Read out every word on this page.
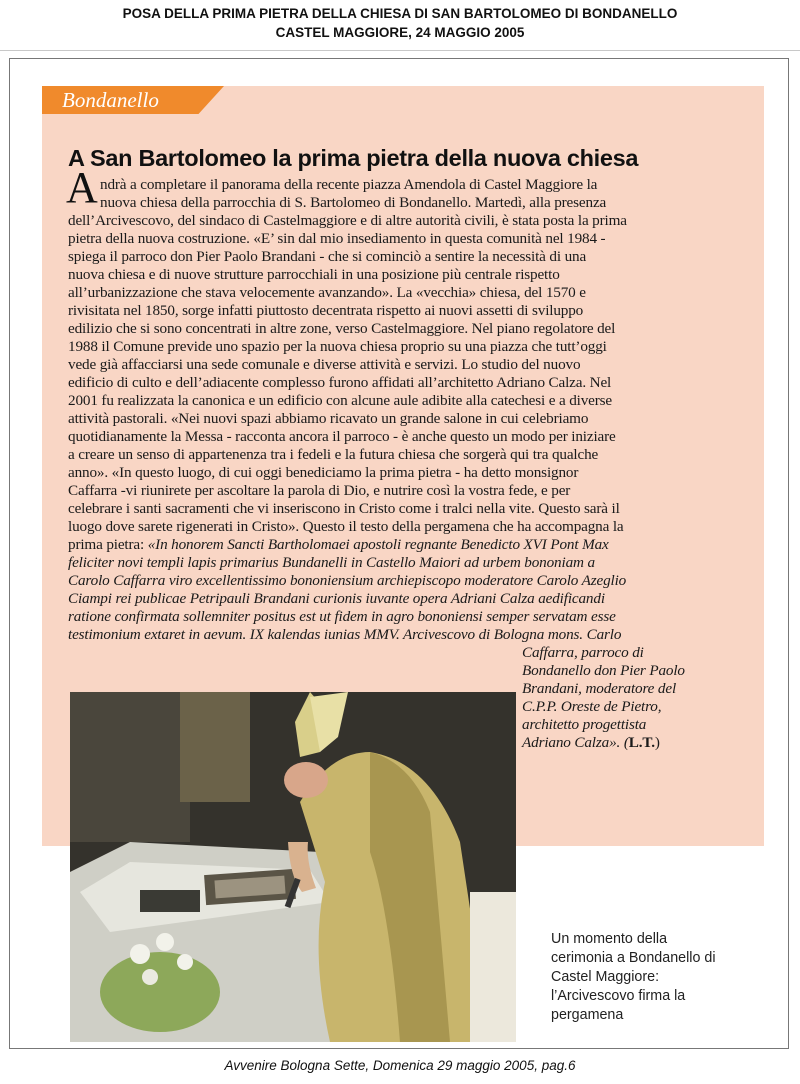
POSA DELLA PRIMA PIETRA DELLA CHIESA DI SAN BARTOLOMEO DI BONDANELLO
CASTEL MAGGIORE, 24 MAGGIO 2005
Bondanello
A San Bartolomeo la prima pietra della nuova chiesa
A ndrà a completare il panorama della recente piazza Amendola di Castel Maggiore la
nuova chiesa della parrocchia di S. Bartolomeo di Bondanello. Martedì, alla presenza
dell’Arcivescovo, del sindaco di Castelmaggiore e di altre autorità civili, è stata posta la prima
pietra della nuova costruzione. «E’ sin dal mio insediamento in questa comunità nel 1984 -
spiega il parroco don Pier Paolo Brandani - che si cominciò a sentire la necessità di una
nuova chiesa e di nuove strutture parrocchiali in una posizione più centrale rispetto
all’urbanizzazione che stava velocemente avanzando». La «vecchia» chiesa, del 1570 e
rivisitata nel 1850, sorge infatti piuttosto decentrata rispetto ai nuovi assetti di sviluppo
edilizio che si sono concentrati in altre zone, verso Castelmaggiore. Nel piano regolatore del
1988 il Comune previde uno spazio per la nuova chiesa proprio su una piazza che tutt’oggi
vede già affacciarsi una sede comunale e diverse attività e servizi. Lo studio del nuovo
edificio di culto e dell’adiacente complesso furono affidati all’architetto Adriano Calza. Nel
2001 fu realizzata la canonica e un edificio con alcune aule adibite alla catechesi e a diverse
attività pastorali. «Nei nuovi spazi abbiamo ricavato un grande salone in cui celebriamo
quotidianamente la Messa - racconta ancora il parroco - è anche questo un modo per iniziare
a creare un senso di appartenenza tra i fedeli e la futura chiesa che sorgerà qui tra qualche
anno». «In questo luogo, di cui oggi benediciamo la prima pietra - ha detto monsignor
Caffarra -vi riunirete per ascoltare la parola di Dio, e nutrire così la vostra fede, e per
celebrare i santi sacramenti che vi inseriscono in Cristo come i tralci nella vite. Questo sarà il
luogo dove sarete rigenerati in Cristo». Questo il testo della pergamena che ha accompagna la
prima pietra: «In honorem Sancti Bartholomaei apostoli regnante Benedicto XVI Pont Max
feliciter novi templi lapis primarius Bundanelli in Castello Maiori ad urbem bononiam a
Carolo Caffarra viro excellentissimo bononiensium archiepiscopo moderatore Carolo Azeglio
Ciampi rei publicae Petripauli Brandani curionis iuvante opera Adriani Calza aedificandi
ratione confirmata sollemniter positus est ut fidem in agro bononiensi semper servatam esse
testimonium extaret in aevum. IX kalendas iunias MMV. Arcivescovo di Bologna mons. Carlo
Caffarra, parroco di
Bondanello don Pier Paolo
Brandani, moderatore del
C.P.P. Oreste de Pietro,
architetto progettista
Adriano Calza». (L.T.)
Un momento della
cerimonia a Bondanello di
Castel Maggiore:
l’Arcivescovo firma la
pergamena
Avvenire Bologna Sette, Domenica 29 maggio 2005, pag.6
